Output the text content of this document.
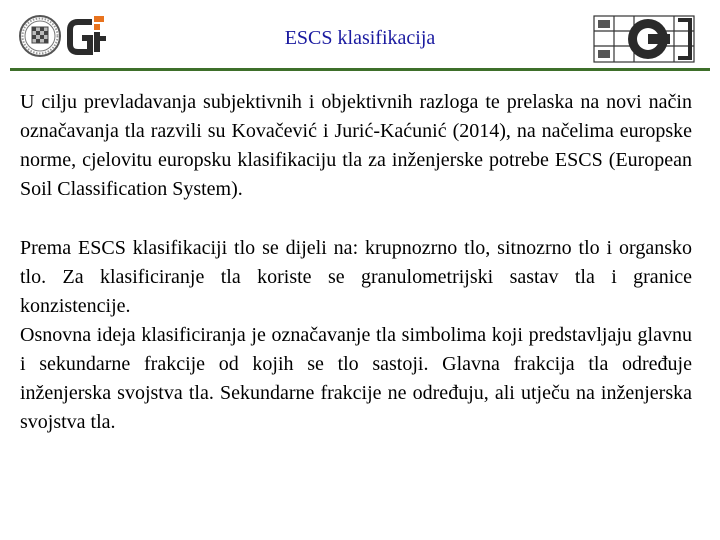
ESCS klasifikacija

U cilju prevladavanja subjektivnih i objektivnih razloga te prelaska na novi način označavanja tla razvili su Kovačević i Jurić-Kaćunić (2014), na načelima europske norme, cjelovitu europsku klasifikaciju tla za inženjerske potrebe ESCS (European Soil Classification System).

Prema ESCS klasifikaciji tlo se dijeli na: krupnozrno tlo, sitnozrno tlo i organsko tlo. Za klasificiranje tla koriste se granulometrijski sastav tla i granice konzistencije.

Osnovna ideja klasificiranja je označavanje tla simbolima koji predstavljaju glavnu i sekundarne frakcije od kojih se tlo sastoji. Glavna frakcija tla određuje inženjerska svojstva tla. Sekundarne frakcije ne određuju, ali utječu na inženjerska svojstva tla.
